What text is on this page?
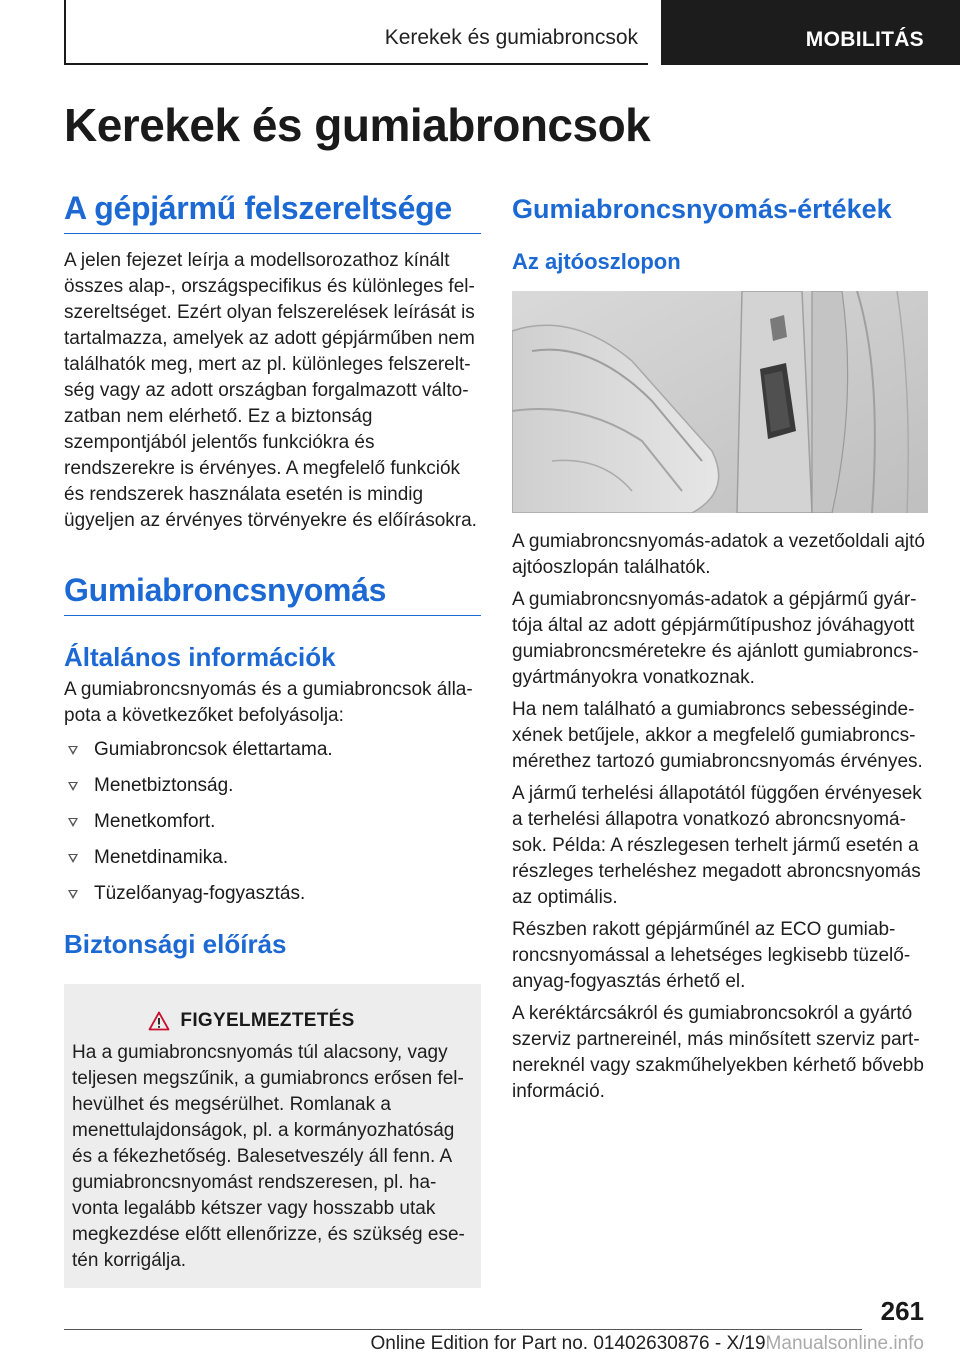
Kerekek és gumiabroncsok	MOBILITÁS
Kerekek és gumiabroncsok
A gépjármű felszereltsége

A jelen fejezet leírja a modellsorozathoz kínált összes alap-, országspecifikus és különleges felszereltséget. Ezért olyan felszerelések leírását is tartalmazza, amelyek az adott gépjárműben nem találhatók meg, mert az pl. különleges felszereltség vagy az adott országban forgalmazott változatban nem elérhető. Ez a biztonság szempontjából jelentős funkciókra és rendszerekre is érvényes. A megfelelő funkciók és rendszerek használata esetén is mindig ügyeljen az érvényes törvényekre és előírásokra.

Gumiabroncsnyomás
Általános információk

A gumiabroncsnyomás és a gumiabroncsok állapota a következőket befolyásolja:

Gumiabroncsok élettartama.
Menetbiztonság.
Menetkomfort.
Menetdinamika.
Tüzelőanyag-fogyasztás.
Biztonsági előírás
FIGYELMEZTETÉS

Ha a gumiabroncsnyomás túl alacsony, vagy teljesen megszűnik, a gumiabroncs erősen felhevülhet és megsérülhet. Romlanak a menettulajdonságok, pl. a kormányozhatóság és a fékezhetőség. Balesetveszély áll fenn. A gumiabroncsnyomást rendszeresen, pl. havonta legalább kétszer vagy hosszabb utak megkezdése előtt ellenőrizze, és szükség esetén korrigálja.

Gumiabroncsnyomás-értékek
Az ajtóoszlopon

A gumiabroncsnyomás-adatok a vezetőoldali ajtó ajtóoszlopán találhatók.

A gumiabroncsnyomás-adatok a gépjármű gyártója által az adott gépjárműtípushoz jóváhagyott gumiabroncsméretekre és ajánlott gumiabroncsgyártmányokra vonatkoznak.

Ha nem található a gumiabroncs sebességindexének betűjele, akkor a megfelelő gumiabroncsmérethez tartozó gumiabroncsnyomás érvényes.

A jármű terhelési állapotától függően érvényesek a terhelési állapotra vonatkozó abroncsnyomások. Példa: A részlegesen terhelt jármű esetén a részleges terheléshez megadott abroncsnyomás az optimális.

Részben rakott gépjárműnél az ECO gumiabroncsnyomással a lehetséges legkisebb tüzelőanyag-fogyasztás érhető el.

A keréktárcsákról és gumiabroncsokról a gyártó szerviz partnereinél, más minősített szerviz partnereknél vagy szakműhelyekben kérhető bővebb információ.

261
Online Edition for Part no. 01402630876 - X/19Manualsonline.info
